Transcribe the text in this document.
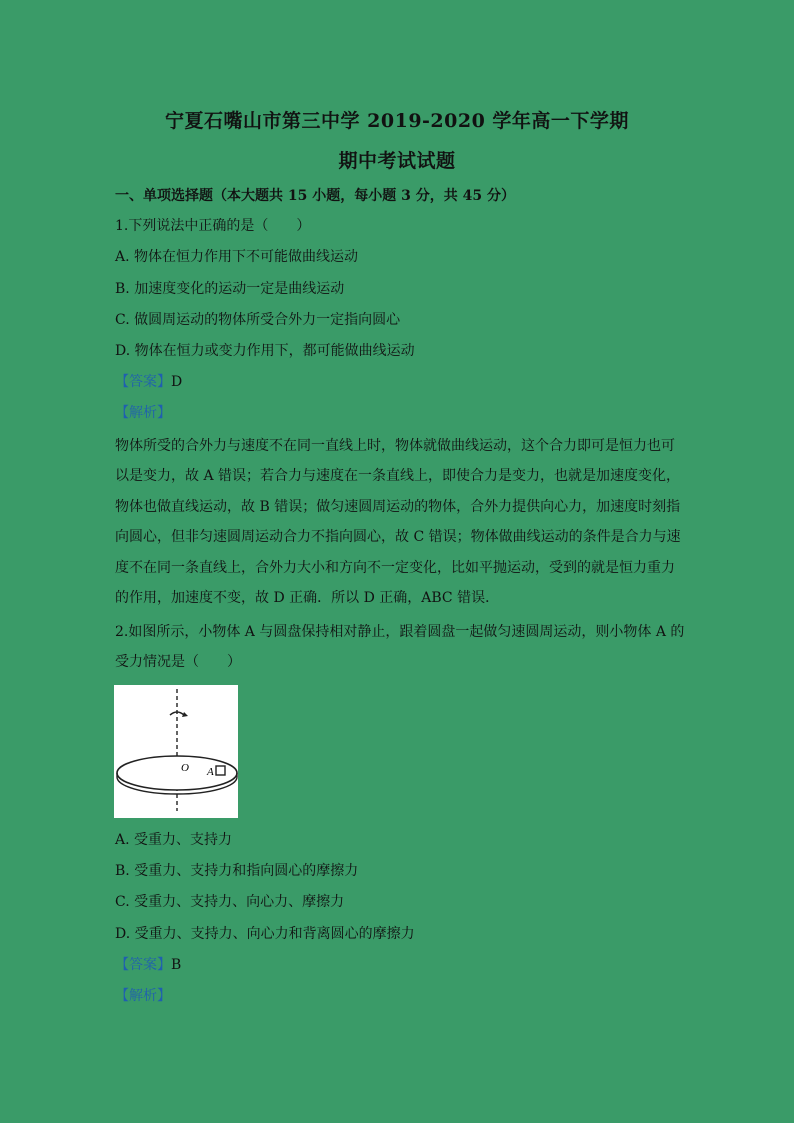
宁夏石嘴山市第三中学 2019-2020 学年高一下学期
期中考试试题
一、单项选择题（本大题共 15 小题，每小题 3 分，共 45 分）
1.下列说法中正确的是（　　）
A. 物体在恒力作用下不可能做曲线运动
B. 加速度变化的运动一定是曲线运动
C. 做圆周运动的物体所受合外力一定指向圆心
D. 物体在恒力或变力作用下，都可能做曲线运动
【答案】D
【解析】

物体所受的合外力与速度不在同一直线上时，物体就做曲线运动，这个合力即可是恒力也可

以是变力，故 A 错误；若合力与速度在一条直线上，即使合力是变力，也就是加速度变化，

物体也做直线运动，故 B 错误；做匀速圆周运动的物体，合外力提供向心力，加速度时刻指

向圆心，但非匀速圆周运动合力不指向圆心，故 C 错误；物体做曲线运动的条件是合力与速

度不在同一条直线上，合外力大小和方向不一定变化，比如平抛运动，受到的就是恒力重力

的作用，加速度不变，故 D 正确．所以 D 正确，ABC 错误．

2.如图所示，小物体 A 与圆盘保持相对静止，跟着圆盘一起做匀速圆周运动，则小物体 A 的

受力情况是（　　）

O A
A. 受重力、支持力
B. 受重力、支持力和指向圆心的摩擦力
C. 受重力、支持力、向心力、摩擦力
D. 受重力、支持力、向心力和背离圆心的摩擦力
【答案】B
【解析】
